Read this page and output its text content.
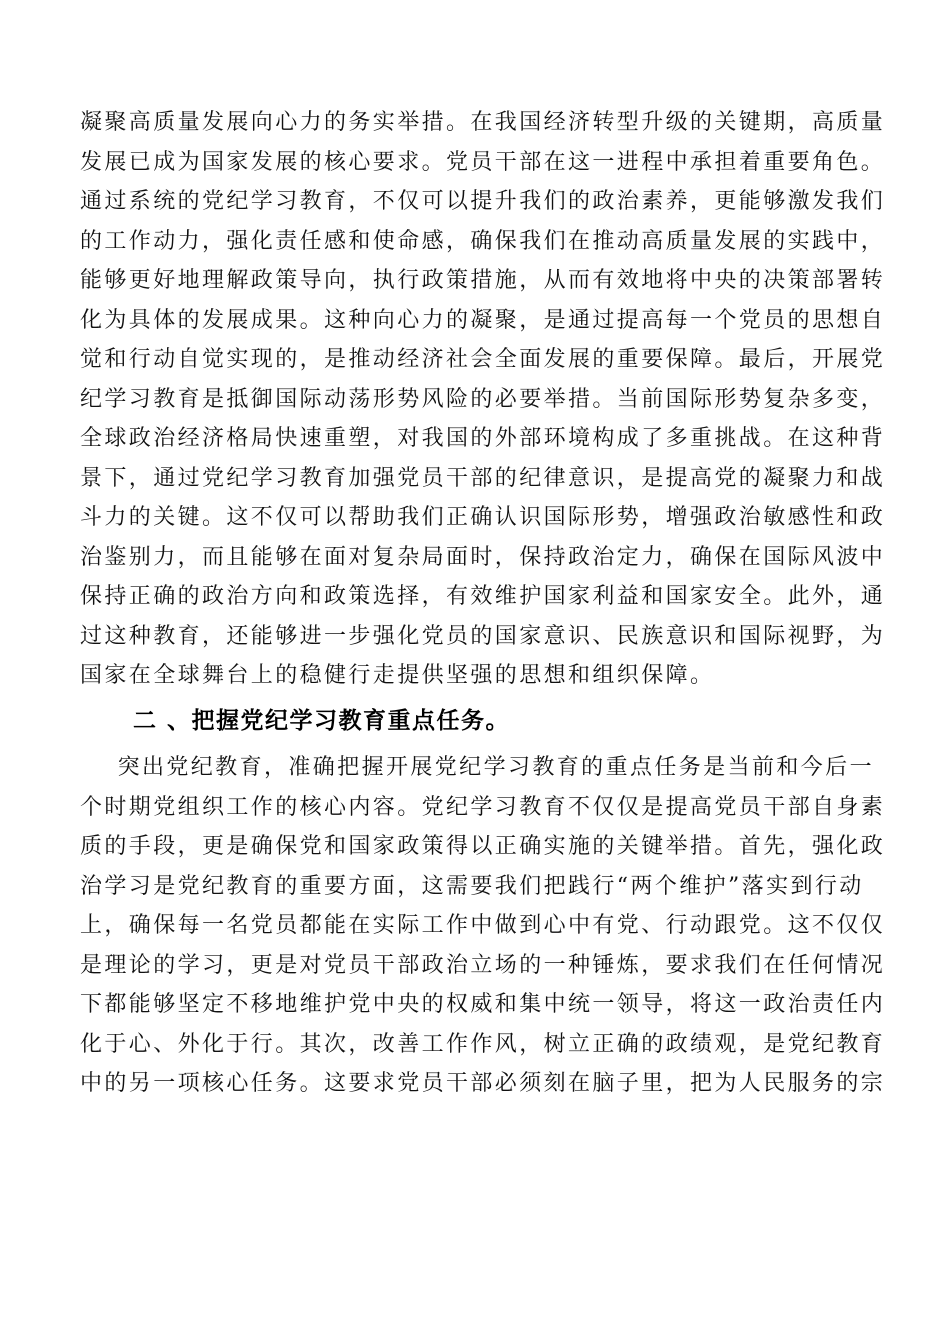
凝聚高质量发展向心力的务实举措。在我国经济转型升级的关键期，高质量
发展已成为国家发展的核心要求。党员干部在这一进程中承担着重要角色。
通过系统的党纪学习教育，不仅可以提升我们的政治素养，更能够激发我们
的工作动力，强化责任感和使命感，确保我们在推动高质量发展的实践中，
能够更好地理解政策导向，执行政策措施，从而有效地将中央的决策部署转
化为具体的发展成果。这种向心力的凝聚，是通过提高每一个党员的思想自
觉和行动自觉实现的，是推动经济社会全面发展的重要保障。最后，开展党
纪学习教育是抵御国际动荡形势风险的必要举措。当前国际形势复杂多变，
全球政治经济格局快速重塑，对我国的外部环境构成了多重挑战。在这种背
景下，通过党纪学习教育加强党员干部的纪律意识，是提高党的凝聚力和战
斗力的关键。这不仅可以帮助我们正确认识国际形势，增强政治敏感性和政
治鉴别力，而且能够在面对复杂局面时，保持政治定力，确保在国际风波中
保持正确的政治方向和政策选择，有效维护国家利益和国家安全。此外，通
过这种教育，还能够进一步强化党员的国家意识、民族意识和国际视野，为
国家在全球舞台上的稳健行走提供坚强的思想和组织保障。
二 、把握党纪学习教育重点任务。
突出党纪教育，准确把握开展党纪学习教育的重点任务是当前和今后一
个时期党组织工作的核心内容。党纪学习教育不仅仅是提高党员干部自身素
质的手段，更是确保党和国家政策得以正确实施的关键举措。首先，强化政
治学习是党纪教育的重要方面，这需要我们把践行“两个维护”落实到行动
上，确保每一名党员都能在实际工作中做到心中有党、行动跟党。这不仅仅
是理论的学习，更是对党员干部政治立场的一种锤炼，要求我们在任何情况
下都能够坚定不移地维护党中央的权威和集中统一领导，将这一政治责任内
化于心、外化于行。其次，改善工作作风，树立正确的政绩观，是党纪教育
中的另一项核心任务。这要求党员干部必须刻在脑子里，把为人民服务的宗
